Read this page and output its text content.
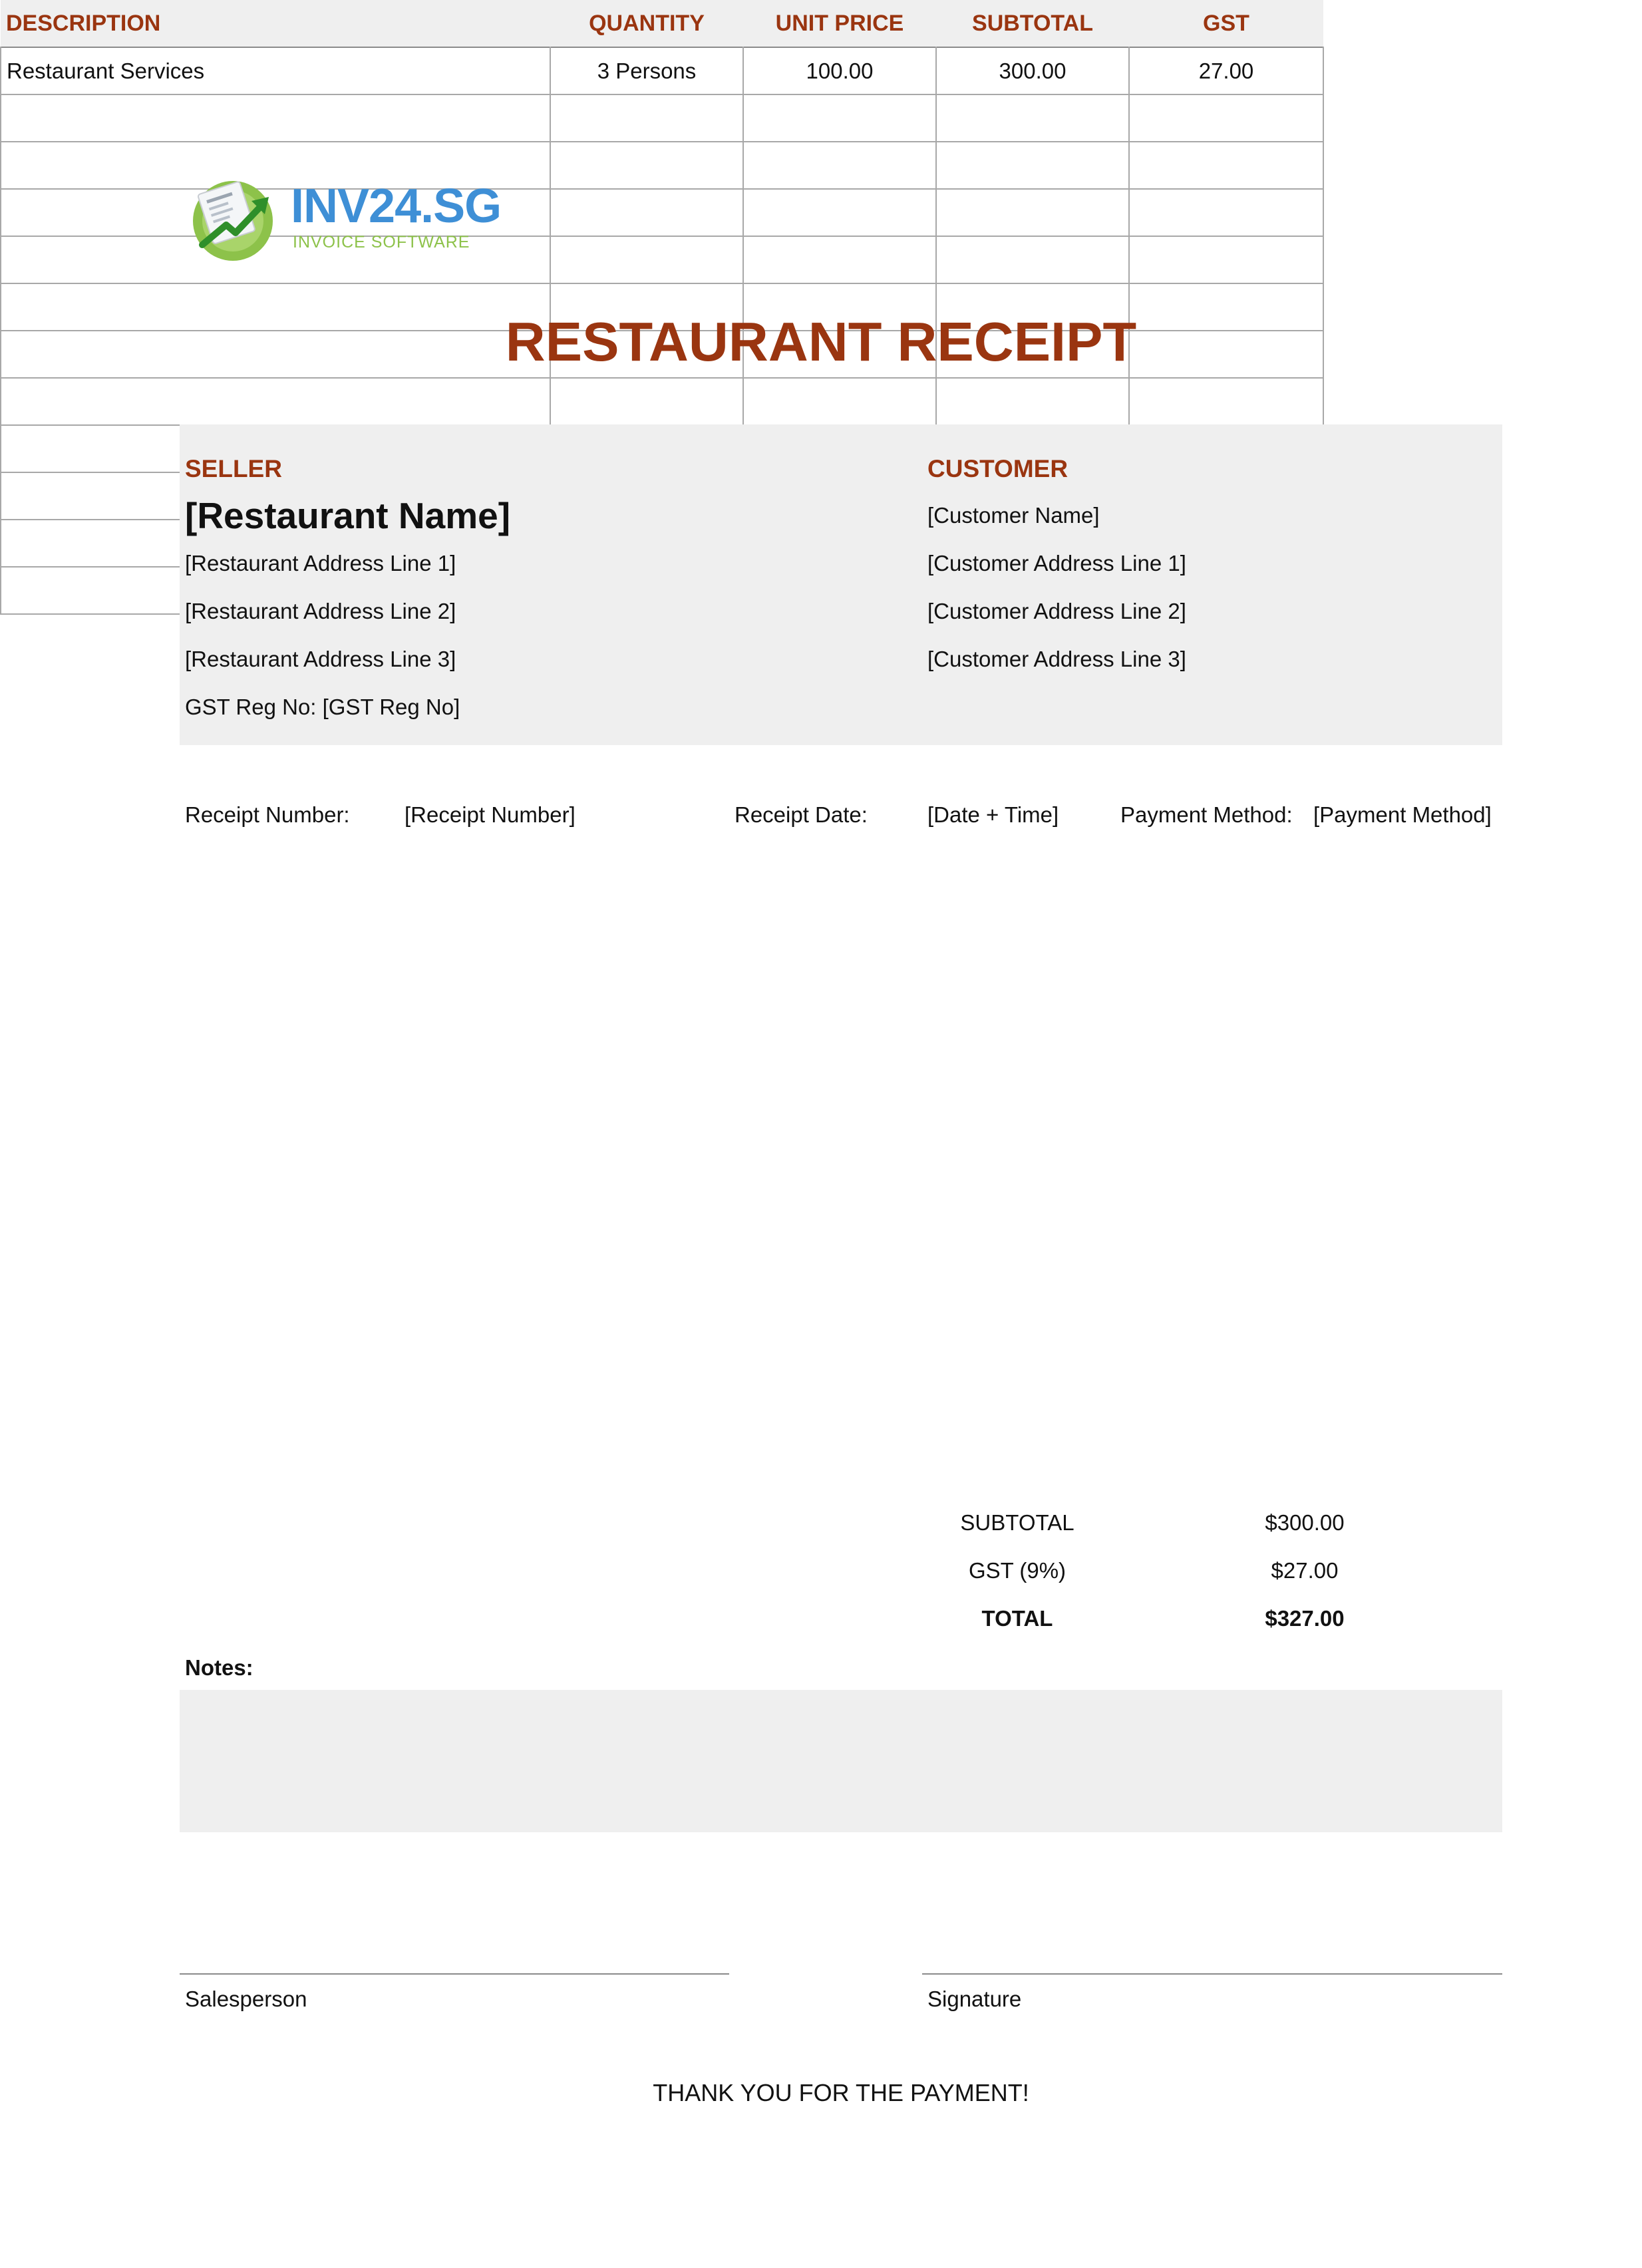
INV24.SG
INVOICE SOFTWARE
RESTAURANT RECEIPT
SELLER
[Restaurant Name]
[Restaurant Address Line 1]
[Restaurant Address Line 2]
[Restaurant Address Line 3]
GST Reg No: [GST Reg No]
CUSTOMER
[Customer Name]
[Customer Address Line 1]
[Customer Address Line 2]
[Customer Address Line 3]
Receipt Number: [Receipt Number]	Receipt Date:	[Date + Time]	Payment Method: [Payment Method]
DESCRIPTION	QUANTITY	UNIT PRICE	SUBTOTAL	GST
Restaurant Services	3 Persons	100.00	300.00	27.00

SUBTOTAL	$300.00
GST (9%)	$27.00
TOTAL	$327.00
Notes:
Salesperson	Signature
THANK YOU FOR THE PAYMENT!
